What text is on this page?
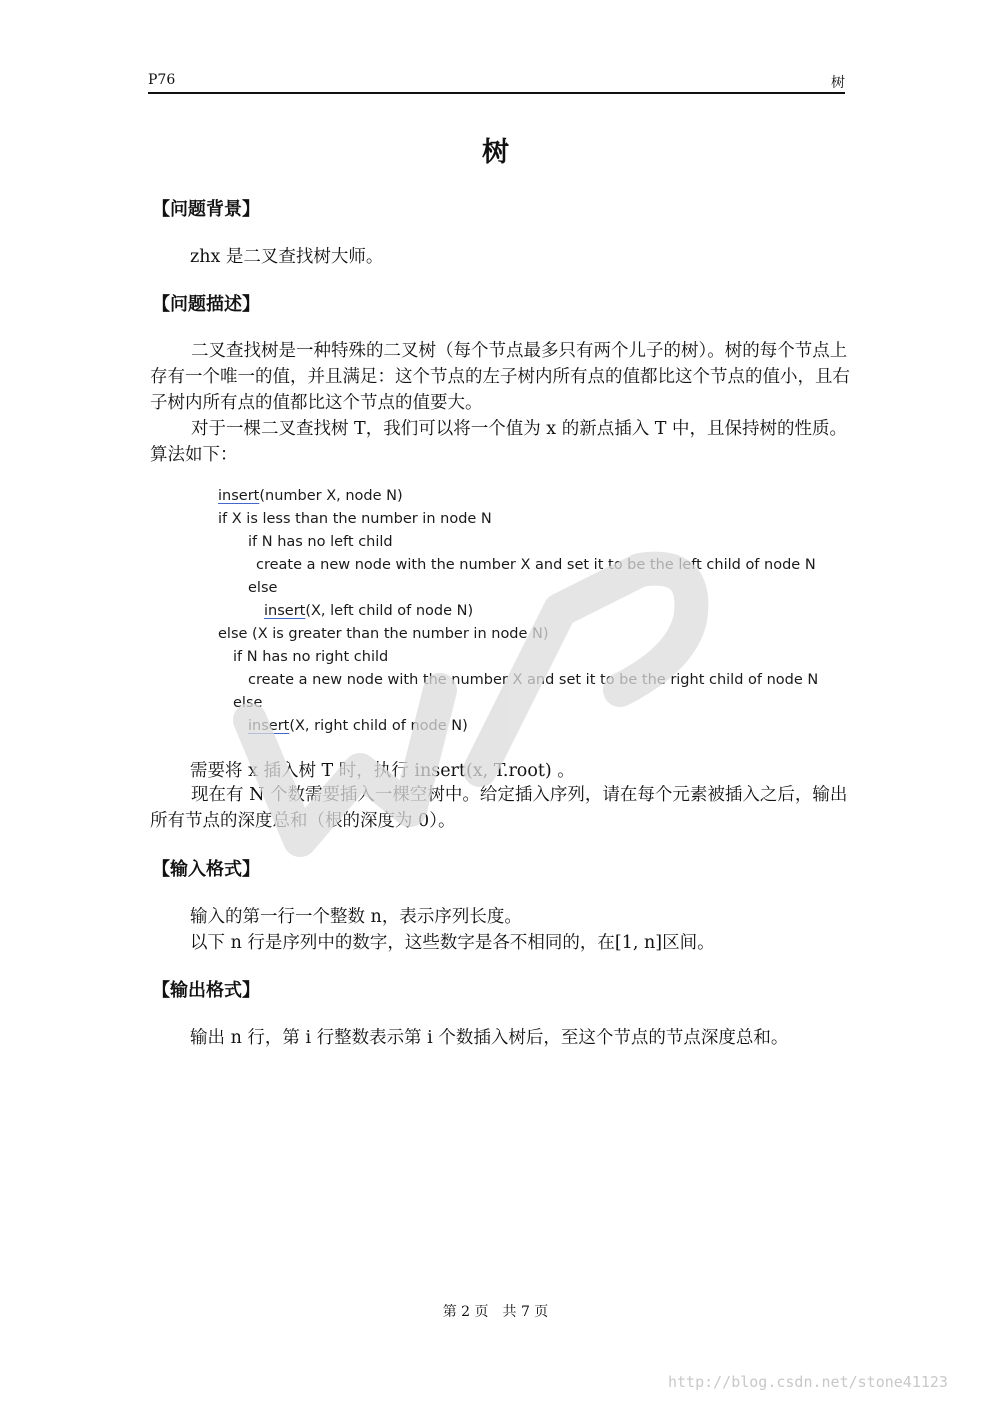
P76	树
树
【问题背景】
zhx 是二叉查找树大师。
【问题描述】
二叉查找树是一种特殊的二叉树（每个节点最多只有两个儿子的树）。树的每个节点上存有一个唯一的值，并且满足：这个节点的左子树内所有点的值都比这个节点的值小，且右子树内所有点的值都比这个节点的值要大。
对于一棵二叉查找树 T，我们可以将一个值为 x 的新点插入 T 中，且保持树的性质。算法如下：
insert(number X, node N)
if X is less than the number in node N
if N has no left child
create a new node with the number X and set it to be the left child of node N
else
insert(X, left child of node N)
else (X is greater than the number in node N)
if N has no right child
create a new node with the number X and set it to be the right child of node N
else
insert(X, right child of node N)
需要将 x 插入树 T 时，执行 insert(x, T.root) 。
现在有 N 个数需要插入一棵空树中。给定插入序列，请在每个元素被插入之后，输出所有节点的深度总和（根的深度为 0）。
【输入格式】
输入的第一行一个整数 n，表示序列长度。
以下 n 行是序列中的数字，这些数字是各不相同的，在[1, n]区间。
【输出格式】
输出 n 行，第 i 行整数表示第 i 个数插入树后，至这个节点的节点深度总和。
第 2 页　共 7 页
http://blog.csdn.net/stone41123
